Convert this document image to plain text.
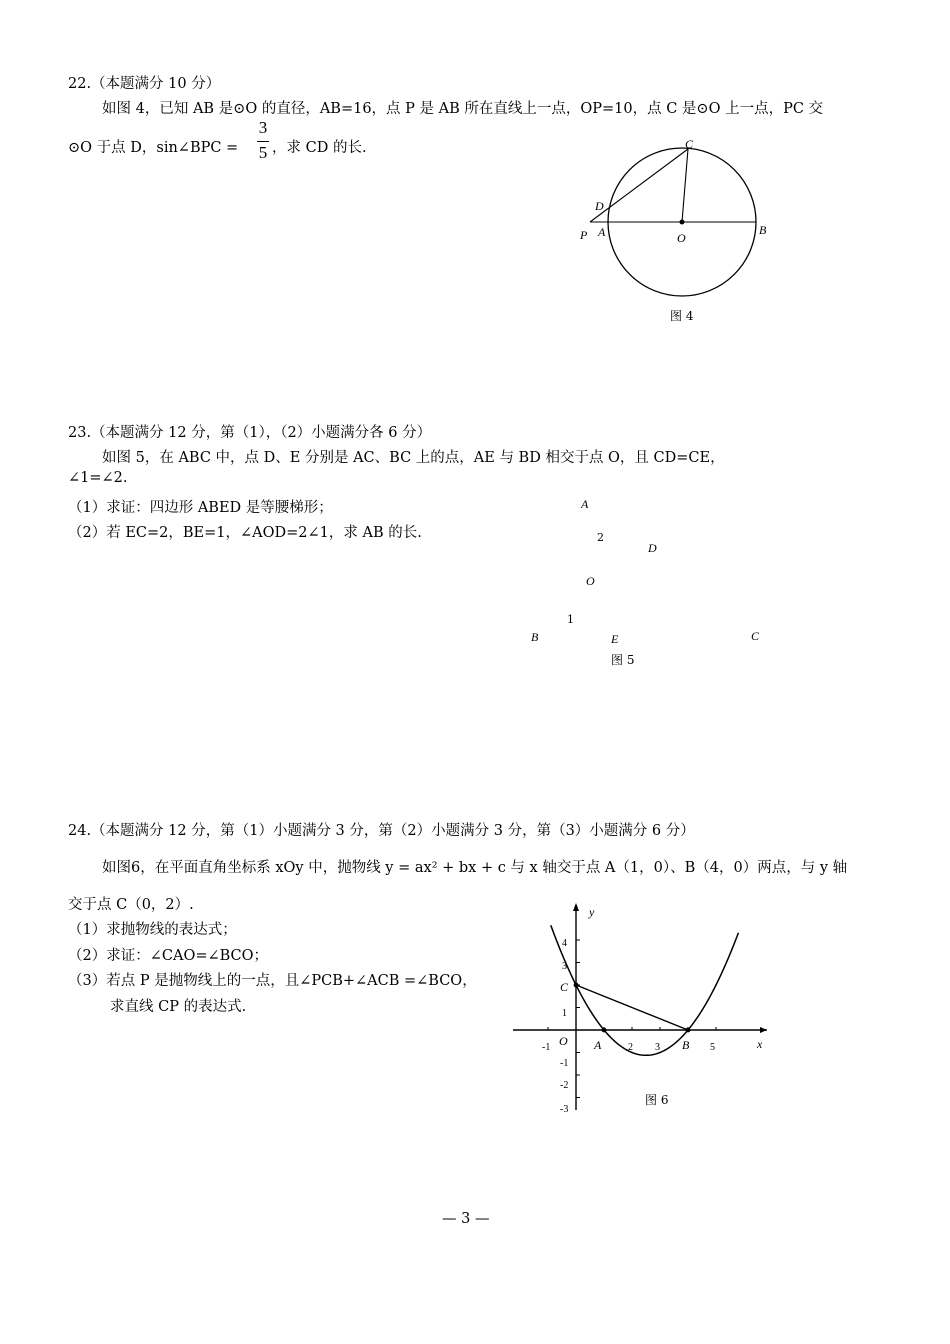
22.（本题满分 10 分）
如图 4，已知 AB 是⊙O 的直径，AB=16，点 P 是 AB 所在直线上一点，OP=10，点 C 是⊙O 上一点，PC 交
⊙O 于点 D，sin∠BPC =
3
5 ，求 CD 的长.	C
D
P A	O
B
图 4
A
2
D
O
1
B	E	C
图 5
23.（本题满分 12 分，第（1），（2）小题满分各 6 分）
如图 5，在 ABC 中，点 D、E 分别是 AC、BC 上的点，AE 与 BD 相交于点 O，且 CD=CE，
∠1=∠2.
（1）求证：四边形 ABED 是等腰梯形；
（2）若 EC=2，BE=1，∠AOD=2∠1，求 AB 的长.
24.（本题满分 12 分，第（1）小题满分 3 分，第（2）小题满分 3 分，第（3）小题满分 6 分）
如图6，在平面直角坐标系 xOy 中，抛物线 y = ax² + bx + c 与 x 轴交于点 A（1，0）、B（4，0）两点，与 y 轴
交于点 C（0，2）.
（1）求抛物线的表达式；
（2）求证：∠CAO=∠BCO；
（3）若点 P 是抛物线上的一点，且∠PCB+∠ACB =∠BCO，
求直线 CP 的表达式.
y
x
O
C
A	B
4
3
1
-1
-2
-3
-1	2 3	5
图 6
— 3 —
